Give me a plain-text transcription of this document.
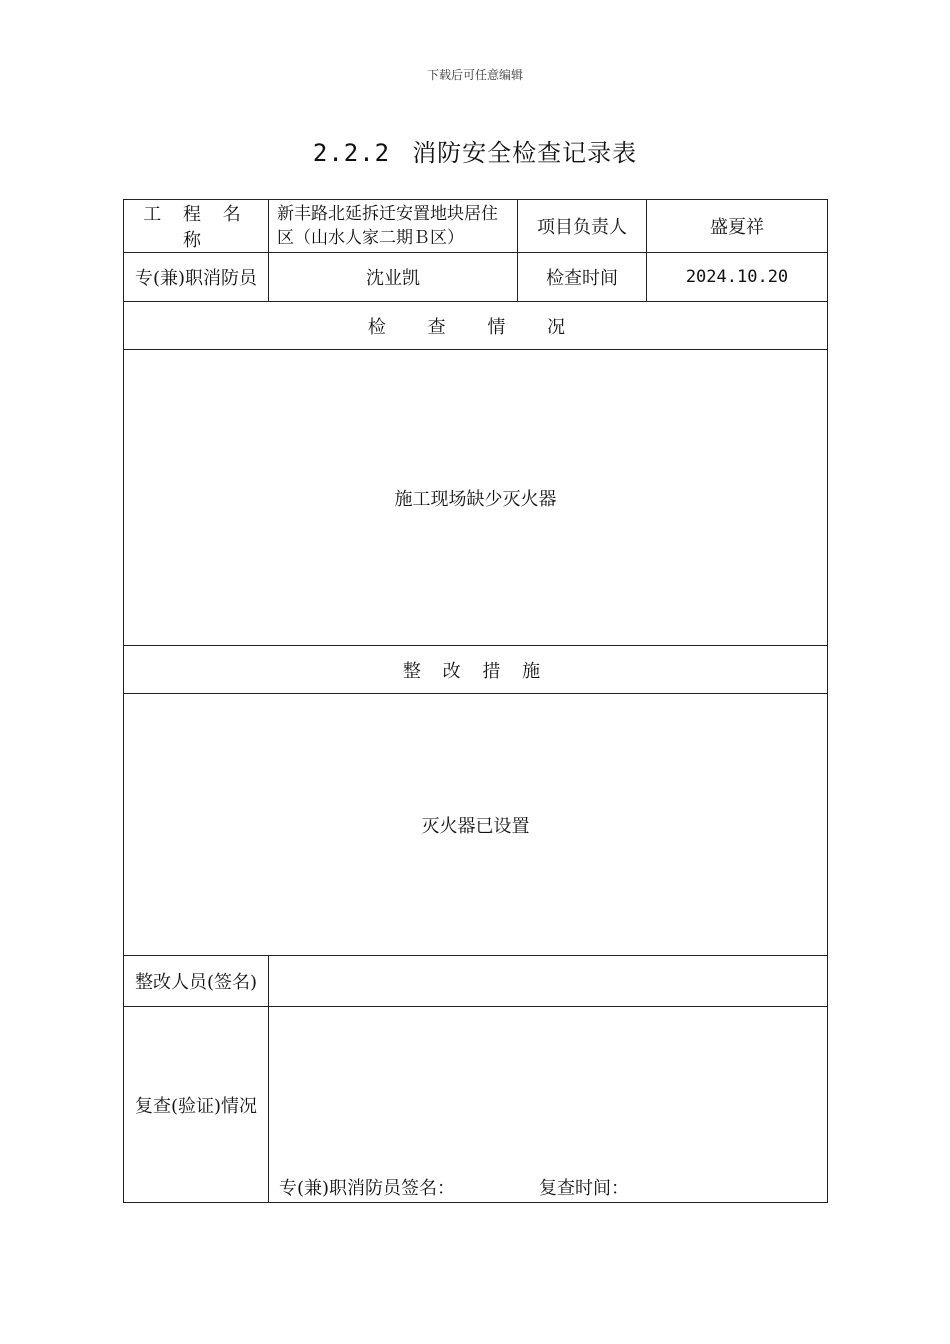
下载后可任意编辑
2.2.2 消防安全检查记录表
工 程 名 称	新丰路北延拆迁安置地块居住区（山水人家二期Ｂ区）	项目负责人	盛夏祥
专(兼)职消防员	沈业凯	检查时间	2024.10.20
检 查 情 况			
施工现场缺少灭火器			
整 改 措 施			
灭火器已设置			
整改人员(签名)			
复查(验证)情况	专(兼)职消防员签名： 复查时间：		
